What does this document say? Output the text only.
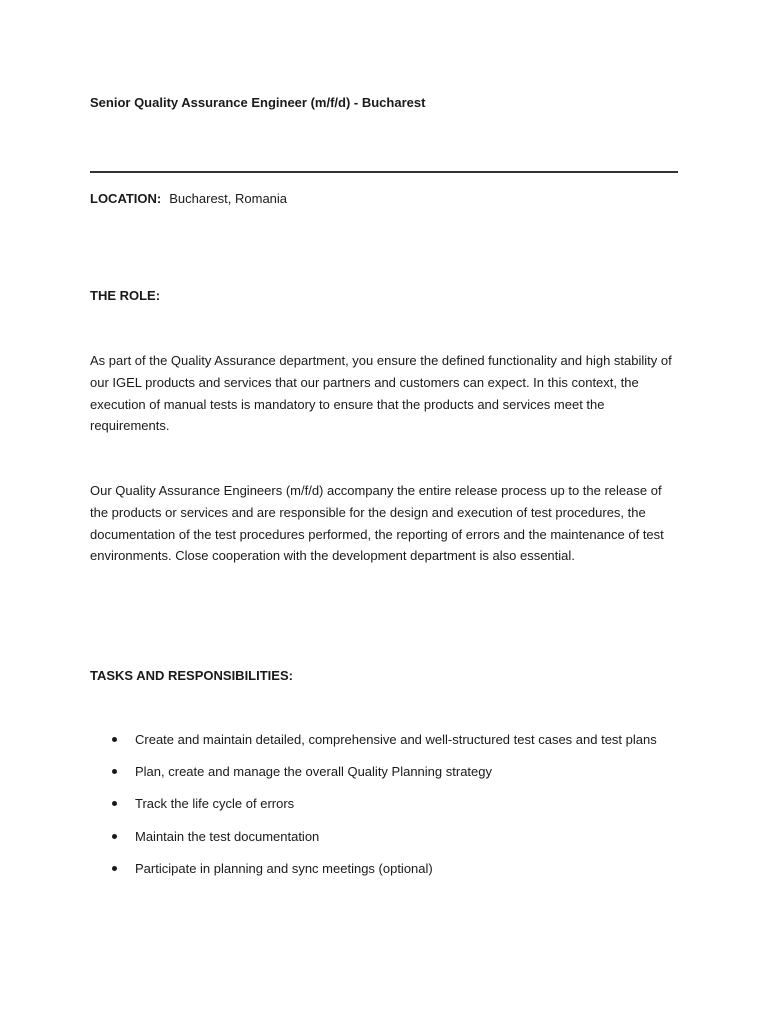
Senior Quality Assurance Engineer (m/f/d) - Bucharest
LOCATION: Bucharest, Romania
THE ROLE:

As part of the Quality Assurance department, you ensure the defined functionality and high stability of our IGEL products and services that our partners and customers can expect. In this context, the execution of manual tests is mandatory to ensure that the products and services meet the requirements.

Our Quality Assurance Engineers (m/f/d) accompany the entire release process up to the release of the products or services and are responsible for the design and execution of test procedures, the documentation of the test procedures performed, the reporting of errors and the maintenance of test environments. Close cooperation with the development department is also essential.

TASKS AND RESPONSIBILITIES:
Create and maintain detailed, comprehensive and well-structured test cases and test plans
Plan, create and manage the overall Quality Planning strategy
Track the life cycle of errors
Maintain the test documentation
Participate in planning and sync meetings (optional)
